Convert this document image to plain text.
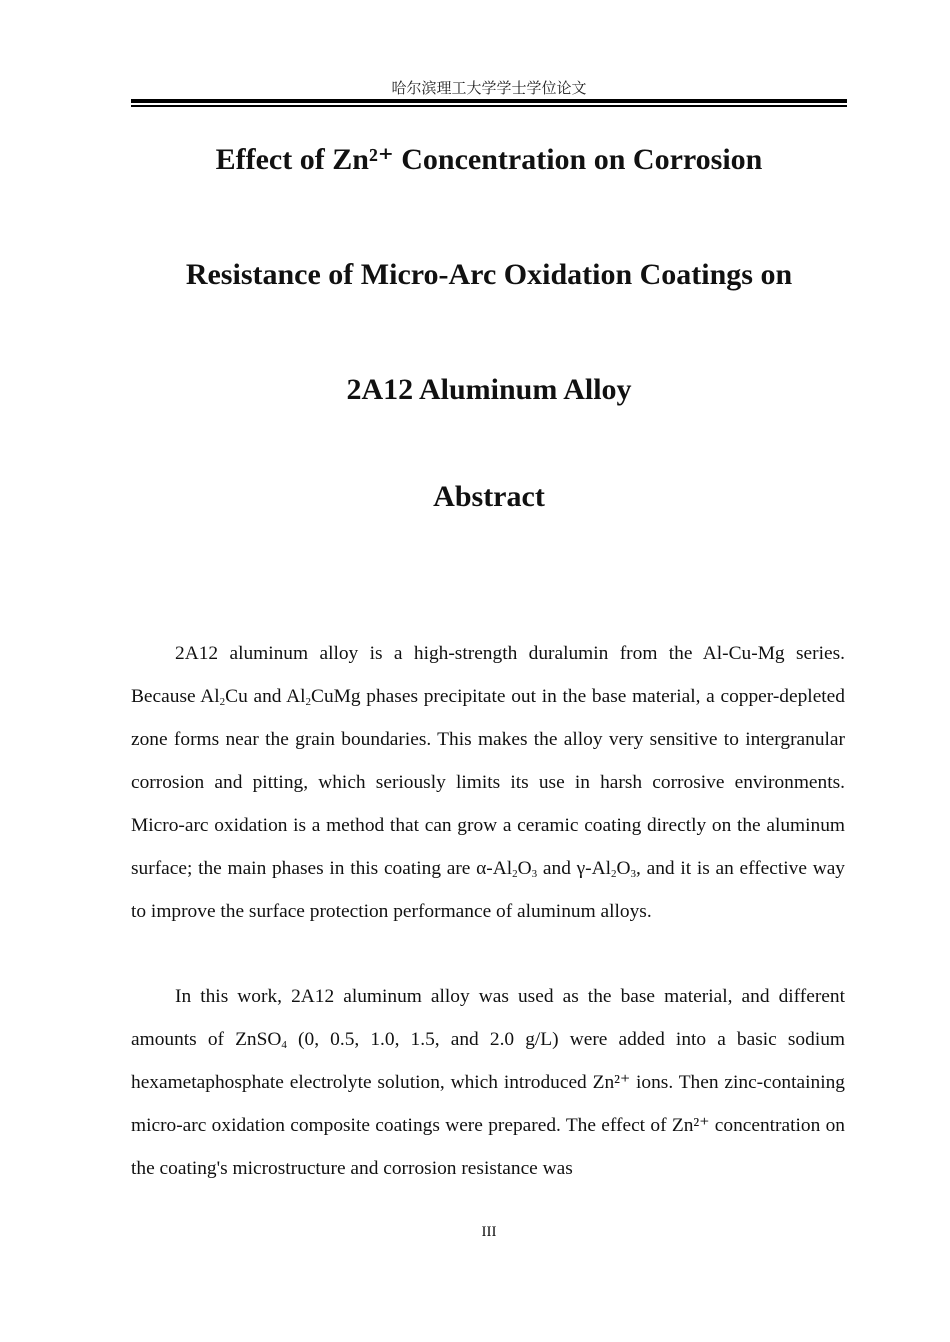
哈尔滨理工大学学士学位论文
Effect of Zn²⁺ Concentration on Corrosion
Resistance of Micro-Arc Oxidation Coatings on
2A12 Aluminum Alloy
Abstract

2A12 aluminum alloy is a high-strength duralumin from the Al-Cu-Mg series. Because $Al_2Cu$ and $Al_2CuMg$ phases precipitate out in the base material, a copper-depleted zone forms near the grain boundaries. This makes the alloy very sensitive to intergranular corrosion and pitting, which seriously limits its use in harsh corrosive environments. Micro-arc oxidation is a method that can grow a ceramic coating directly on the aluminum surface; the main phases in this coating are $\alpha-Al_2O_3$ and $\gamma-Al_2O_3$, and it is an effective way to improve the surface protection performance of aluminum alloys.

In this work, 2A12 aluminum alloy was used as the base material, and different amounts of ZnSO$_4$ (0, 0.5, 1.0, 1.5, and 2.0 g/L) were added into a basic sodium hexametaphosphate electrolyte solution, which introduced Zn²⁺ ions. Then zinc-containing micro-arc oxidation composite coatings were prepared. The effect of Zn²⁺ concentration on the coating's microstructure and corrosion resistance was

III
